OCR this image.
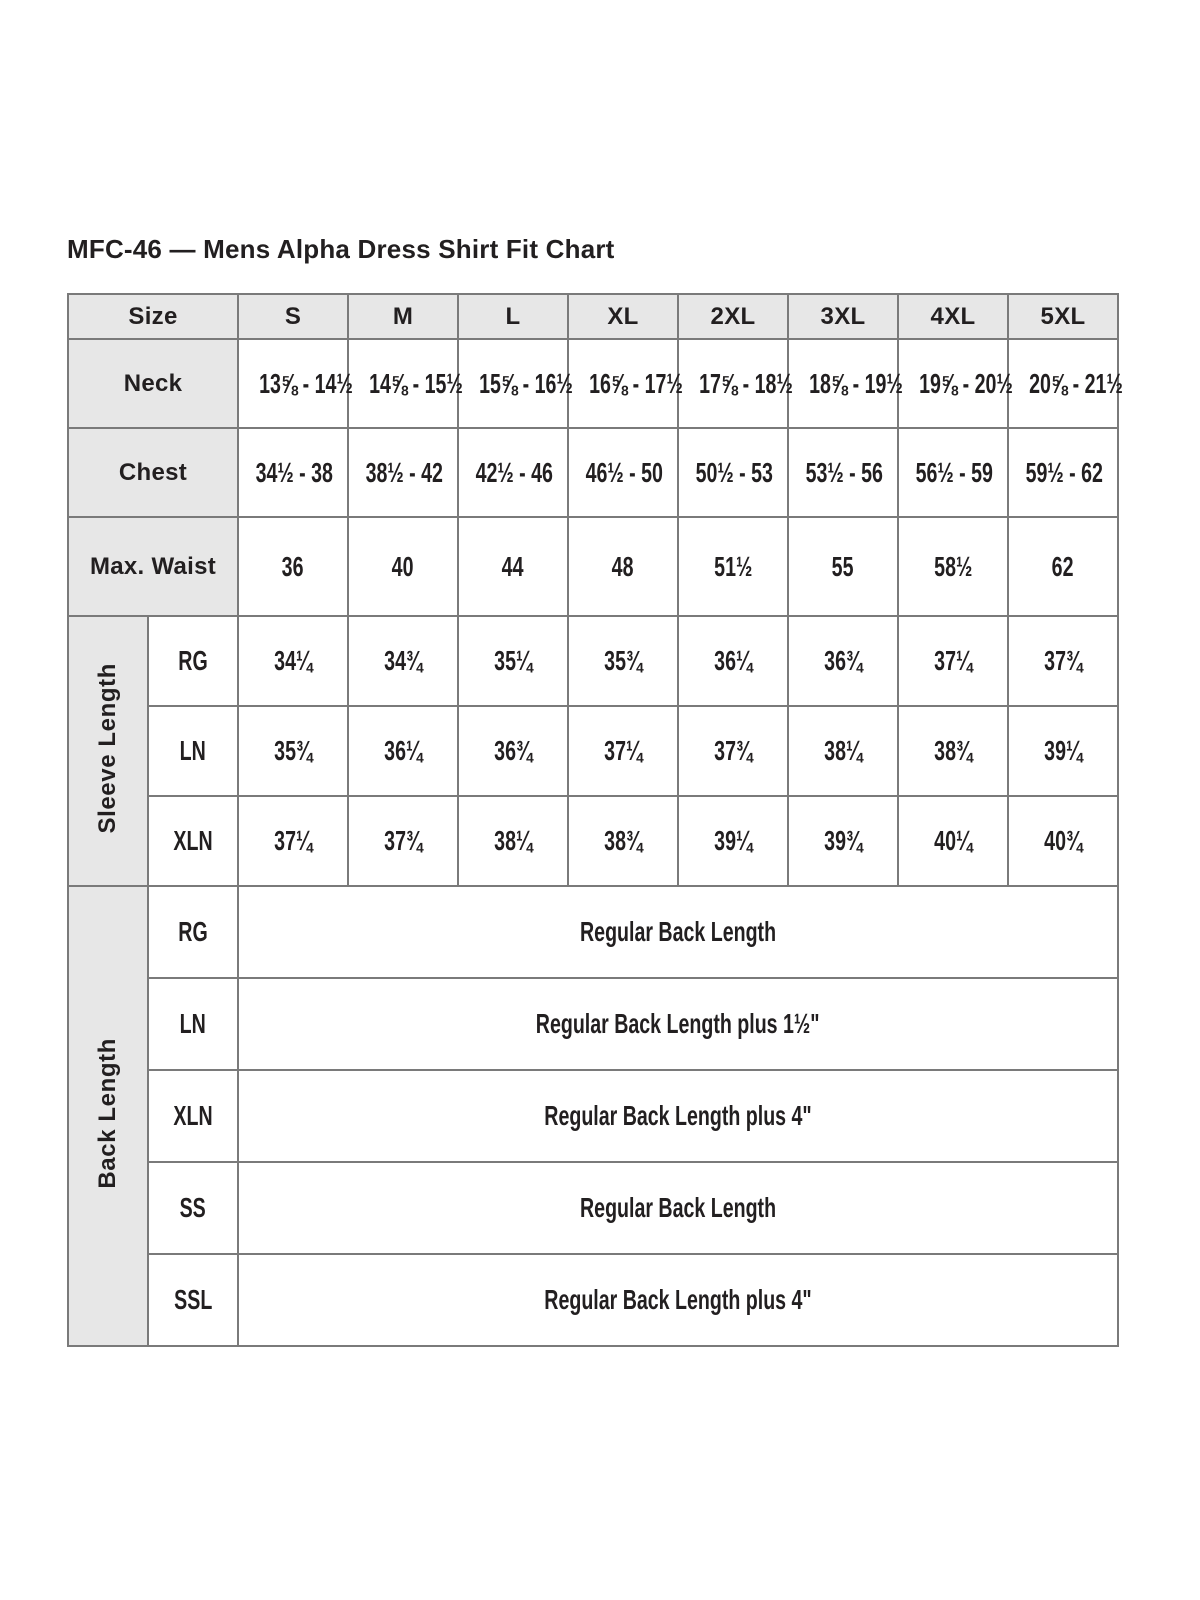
MFC-46 — Mens Alpha Dress Shirt Fit Chart
Size		S	M	L	XL	2XL	3XL	4XL	5XL
Neck		13⅝ - 14½	14⅝ - 15½	15⅝ - 16½	16⅝ - 17½	17⅝ - 18½	18⅝ - 19½	19⅝ - 20½	20⅝ - 21½
Chest		34½ - 38	38½ - 42	42½ - 46	46½ - 50	50½ - 53	53½ - 56	56½ - 59	59½ - 62
Max. Waist		36	40	44	48	51½	55	58½	62
Sleeve Length	RG	34¼	34¾	35¼	35¾	36¼	36¾	37¼	37¾
	LN	35¾	36¼	36¾	37¼	37¾	38¼	38¾	39¼
	XLN	37¼	37¾	38¼	38¾	39¼	39¾	40¼	40¾
Back Length	RG	Regular Back Length							
	LN	Regular Back Length plus 1½"							
	XLN	Regular Back Length plus 4"							
	SS	Regular Back Length							
	SSL	Regular Back Length plus 4"							
